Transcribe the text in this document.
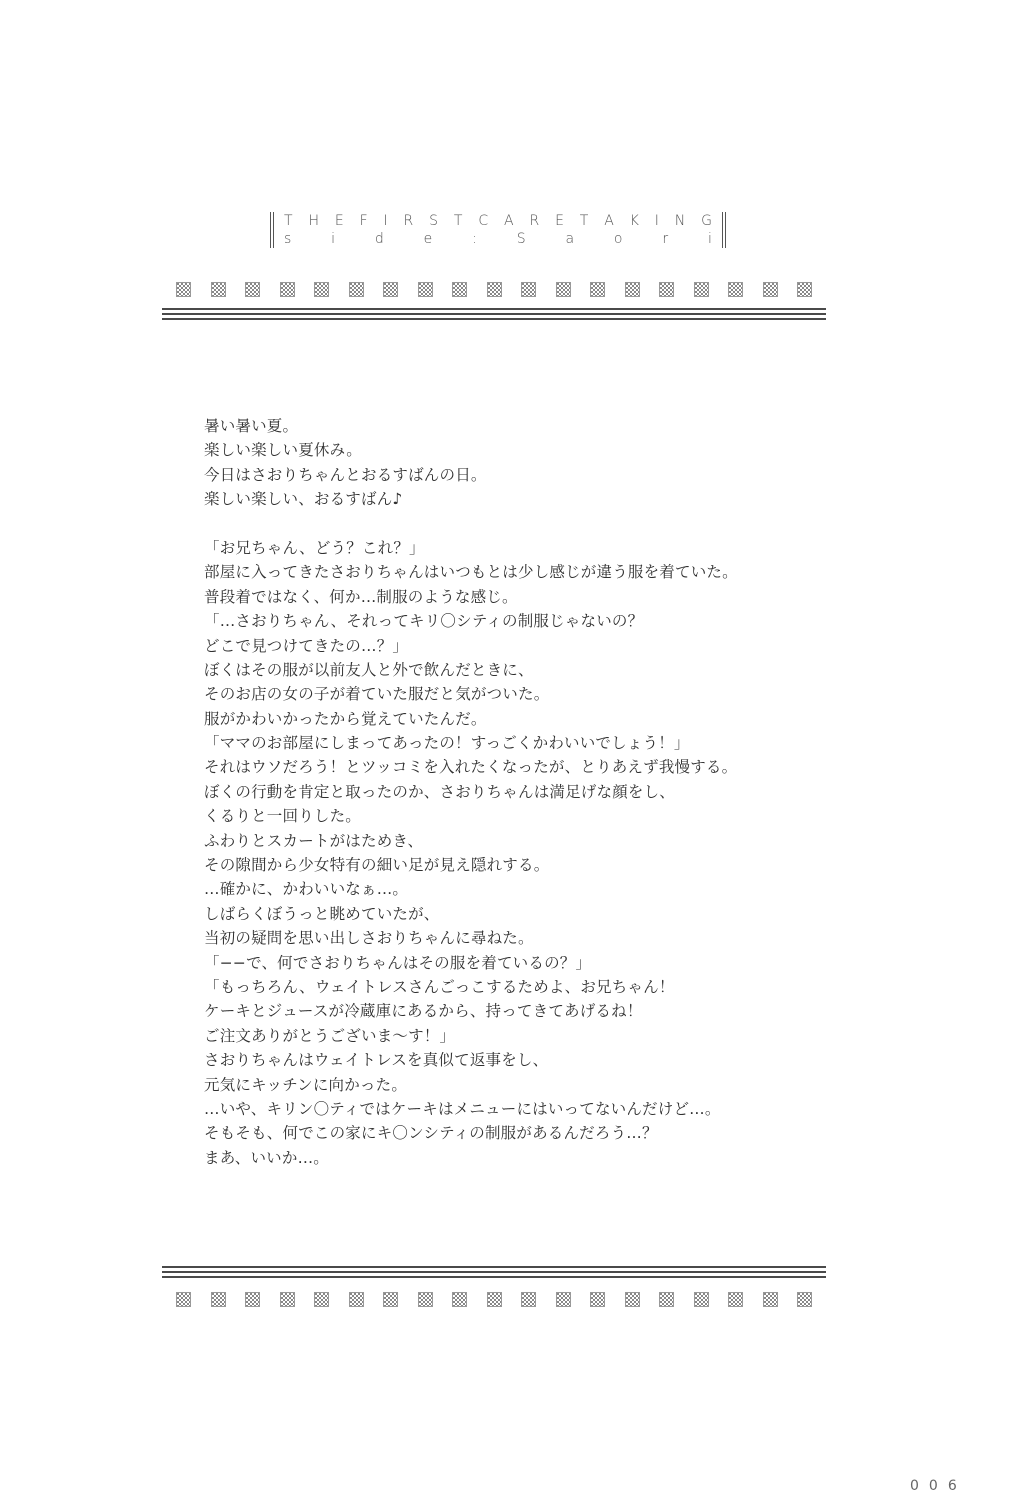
T H E F I R S T C A R E T A K I N G
s	i	d	e	:	S	a	o	r	i
暑い暑い夏。
楽しい楽しい夏休み。
今日はさおりちゃんとおるすばんの日。
楽しい楽しい、おるすばん♪
「お兄ちゃん、どう？これ？」
部屋に入ってきたさおりちゃんはいつもとは少し感じが違う服を着ていた。
普段着ではなく、何か…制服のような感じ。
「…さおりちゃん、それってキリ〇シティの制服じゃないの？
どこで見つけてきたの…？」
ぼくはその服が以前友人と外で飲んだときに、
そのお店の女の子が着ていた服だと気がついた。
服がかわいかったから覚えていたんだ。
「ママのお部屋にしまってあったの！すっごくかわいいでしょう！」
それはウソだろう！とツッコミを入れたくなったが、とりあえず我慢する。
ぼくの行動を肯定と取ったのか、さおりちゃんは満足げな顔をし、
くるりと一回りした。
ふわりとスカートがはためき、
その隙間から少女特有の細い足が見え隠れする。
…確かに、かわいいなぁ…。
しばらくぼうっと眺めていたが、
当初の疑問を思い出しさおりちゃんに尋ねた。
「−−で、何でさおりちゃんはその服を着ているの？」
「もっちろん、ウェイトレスさんごっこするためよ、お兄ちゃん！
ケーキとジュースが冷蔵庫にあるから、持ってきてあげるね！
ご注文ありがとうございま〜す！」
さおりちゃんはウェイトレスを真似て返事をし、
元気にキッチンに向かった。
…いや、キリン〇ティではケーキはメニューにはいってないんだけど…。
そもそも、何でこの家にキ〇ンシティの制服があるんだろう…？
まあ、いいか…。
006
